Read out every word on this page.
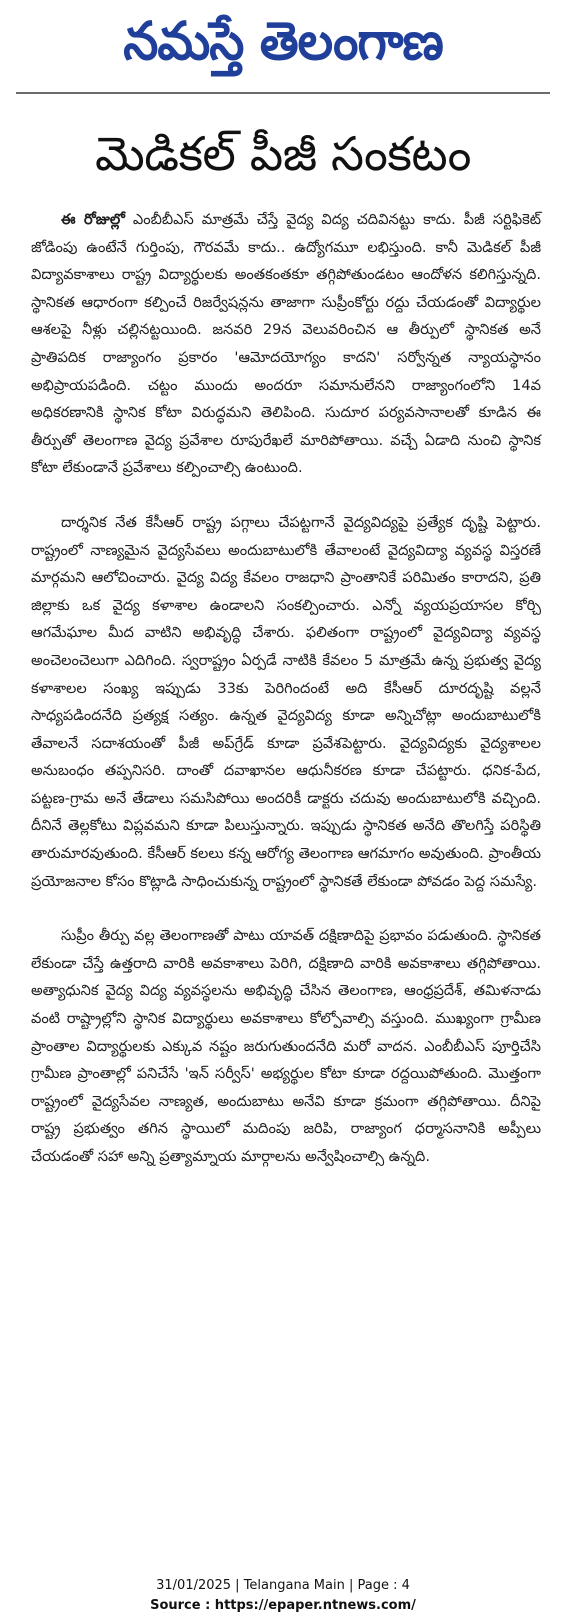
నమస్తే తెలంగాణ
మెడికల్ పీజీ సంకటం

ఈ రోజుల్లో ఎంబీబీఎస్ మాత్రమే చేస్తే వైద్య విద్య చదివినట్టు కాదు. పీజీ సర్టిఫికెట్ జోడింపు ఉంటేనే గుర్తింపు, గౌరవమే కాదు.. ఉద్యోగమూ లభిస్తుంది. కానీ మెడికల్ పీజీ విద్యావకాశాలు రాష్ట్ర విద్యార్థులకు అంతకంతకూ తగ్గిపోతుండటం ఆందోళన కలిగిస్తున్నది. స్థానికత ఆధారంగా కల్పించే రిజర్వేషన్లను తాజాగా సుప్రీంకోర్టు రద్దు చేయడంతో విద్యార్థుల ఆశలపై నీళ్లు చల్లినట్టయింది. జనవరి 29న వెలువరించిన ఆ తీర్పులో స్థానికత అనే ప్రాతిపదిక రాజ్యాంగం ప్రకారం 'ఆమోదయోగ్యం కాదని' సర్వోన్నత న్యాయస్థానం అభిప్రాయపడింది. చట్టం ముందు అందరూ సమానులేనని రాజ్యాంగంలోని 14వ అధికరణానికి స్థానిక కోటా విరుద్ధమని తెలిపింది. సుదూర పర్యవసానాలతో కూడిన ఈ తీర్పుతో తెలంగాణ వైద్య ప్రవేశాల రూపురేఖలే మారిపోతాయి. వచ్చే ఏడాది నుంచి స్థానిక కోటా లేకుండానే ప్రవేశాలు కల్పించాల్సి ఉంటుంది.

దార్శనిక నేత కేసీఆర్ రాష్ట్ర పగ్గాలు చేపట్టగానే వైద్యవిద్యపై ప్రత్యేక దృష్టి పెట్టారు. రాష్ట్రంలో నాణ్యమైన వైద్యసేవలు అందుబాటులోకి తేవాలంటే వైద్యవిద్యా వ్యవస్థ విస్తరణే మార్గమని ఆలోచించారు. వైద్య విద్య కేవలం రాజధాని ప్రాంతానికే పరిమితం కారాదని, ప్రతి జిల్లాకు ఒక వైద్య కళాశాల ఉండాలని సంకల్పించారు. ఎన్నో వ్యయప్రయాసల కోర్చి ఆగమేఘాల మీద వాటిని అభివృద్ధి చేశారు. ఫలితంగా రాష్ట్రంలో వైద్యవిద్యా వ్యవస్థ అంచెలంచెలుగా ఎదిగింది. స్వరాష్ట్రం ఏర్పడే నాటికి కేవలం 5 మాత్రమే ఉన్న ప్రభుత్వ వైద్య కళాశాలల సంఖ్య ఇప్పుడు 33కు పెరిగిందంటే అది కేసీఆర్ దూరదృష్టి వల్లనే సాధ్యపడిందనేది ప్రత్యక్ష సత్యం. ఉన్నత వైద్యవిద్య కూడా అన్నిచోట్లా అందుబాటులోకి తేవాలనే సదాశయంతో పీజీ అప్‌గ్రేడ్ కూడా ప్రవేశపెట్టారు. వైద్యవిద్యకు వైద్యశాలల అనుబంధం తప్పనిసరి. దాంతో దవాఖానల ఆధునీకరణ కూడా చేపట్టారు. ధనిక-పేద, పట్టణ-గ్రామ అనే తేడాలు సమసిపోయి అందరికీ డాక్టరు చదువు అందుబాటులోకి వచ్చింది. దీనినే తెల్లకోటు విప్లవమని కూడా పిలుస్తున్నారు. ఇప్పుడు స్థానికత అనేది తొలగిస్తే పరిస్థితి తారుమారవుతుంది. కేసీఆర్ కలలు కన్న ఆరోగ్య తెలంగాణ ఆగమాగం అవుతుంది. ప్రాంతీయ ప్రయోజనాల కోసం కొట్లాడి సాధించుకున్న రాష్ట్రంలో స్థానికతే లేకుండా పోవడం పెద్ద సమస్యే.

సుప్రీం తీర్పు వల్ల తెలంగాణతో పాటు యావత్ దక్షిణాదిపై ప్రభావం పడుతుంది. స్థానికత లేకుండా చేస్తే ఉత్తరాది వారికి అవకాశాలు పెరిగి, దక్షిణాది వారికి అవకాశాలు తగ్గిపోతాయి. అత్యాధునిక వైద్య విద్య వ్యవస్థలను అభివృద్ధి చేసిన తెలంగాణ, ఆంధ్రప్రదేశ్, తమిళనాడు వంటి రాష్ట్రాల్లోని స్థానిక విద్యార్థులు అవకాశాలు కోల్పోవాల్సి వస్తుంది. ముఖ్యంగా గ్రామీణ ప్రాంతాల విద్యార్థులకు ఎక్కువ నష్టం జరుగుతుందనేది మరో వాదన. ఎంబీబీఎస్ పూర్తిచేసి గ్రామీణ ప్రాంతాల్లో పనిచేసే 'ఇన్ సర్వీస్' అభ్యర్థుల కోటా కూడా రద్దయిపోతుంది. మొత్తంగా రాష్ట్రంలో వైద్యసేవల నాణ్యత, అందుబాటు అనేవి కూడా క్రమంగా తగ్గిపోతాయి. దీనిపై రాష్ట్ర ప్రభుత్వం తగిన స్థాయిలో మదింపు జరిపి, రాజ్యాంగ ధర్మాసనానికి అప్పీలు చేయడంతో సహా అన్ని ప్రత్యామ్నాయ మార్గాలను అన్వేషించాల్సి ఉన్నది.

31/01/2025 | Telangana Main | Page : 4
Source : https://epaper.ntnews.com/
